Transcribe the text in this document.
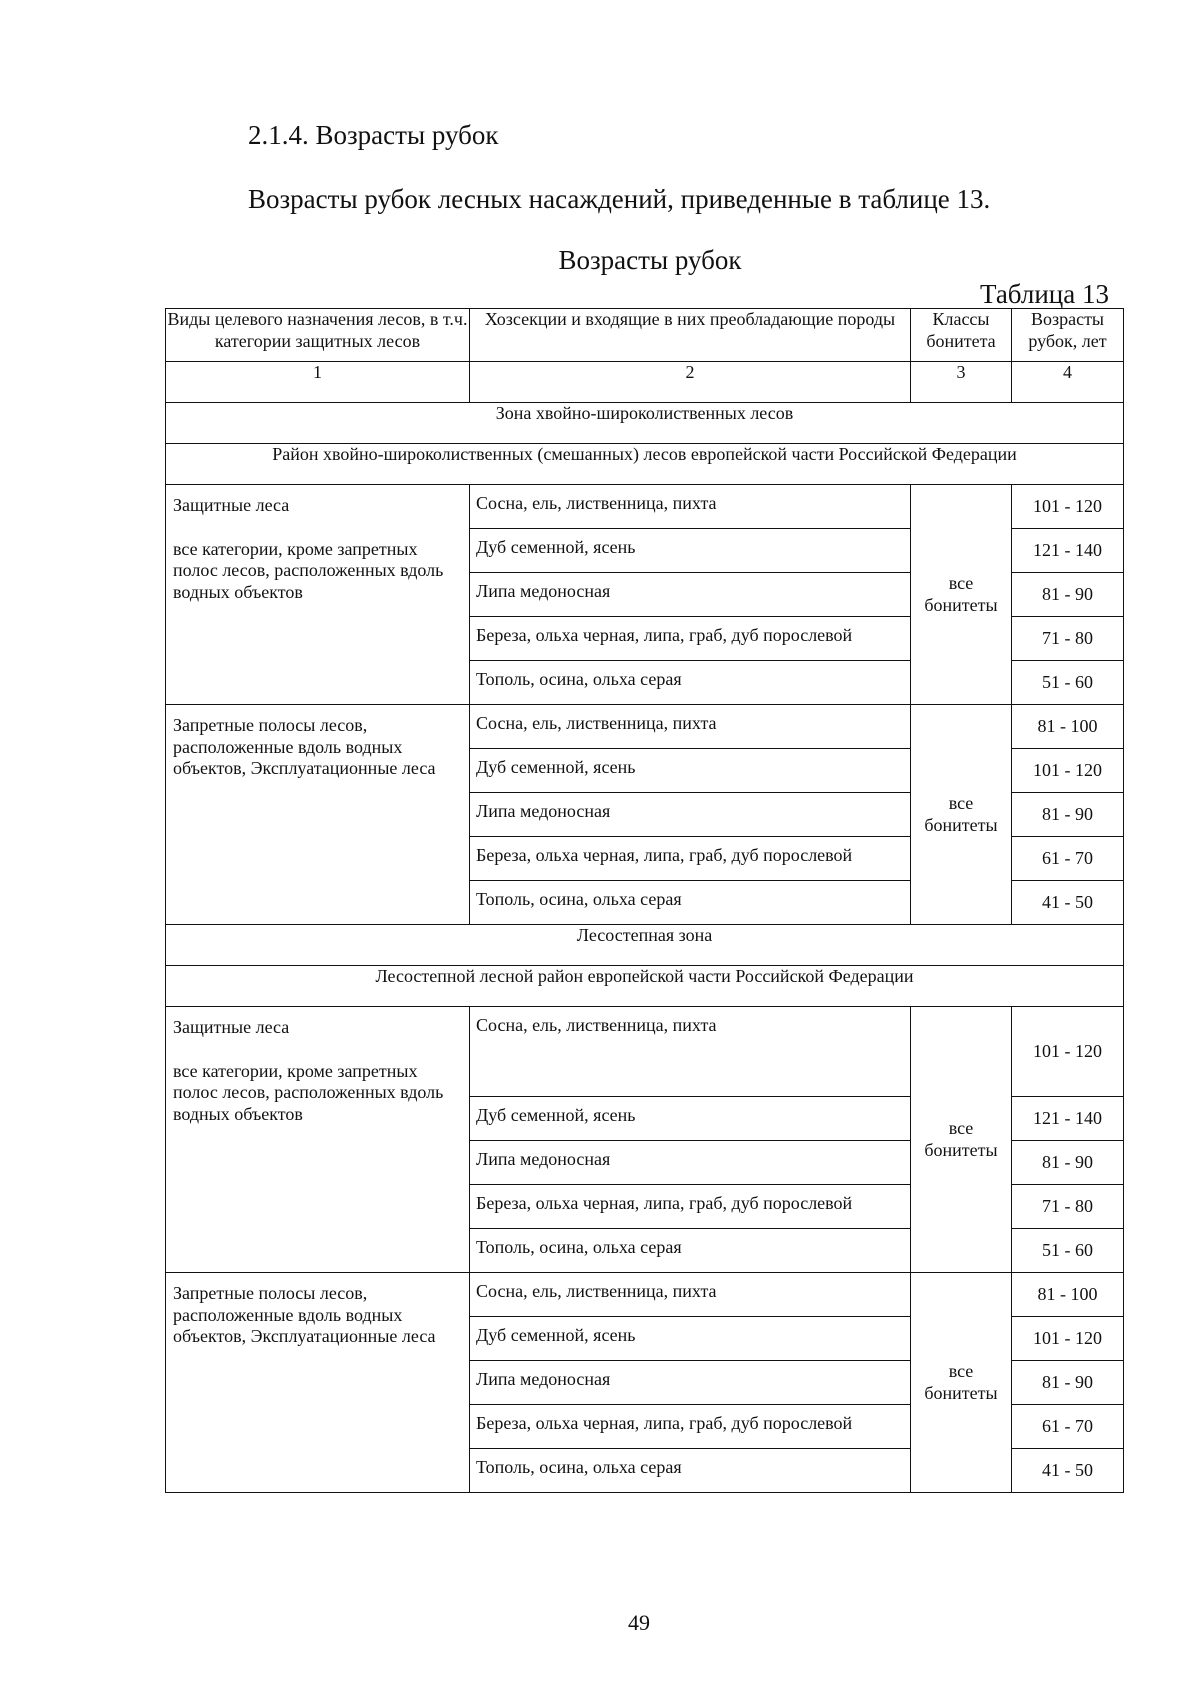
2.1.4. Возрасты рубок

Возрасты рубок лесных насаждений, приведенные в таблице 13.

Возрасты рубок
Таблица 13
Виды целевого назначения лесов, в т.ч. категории защитных лесов	Хозсекции и входящие в них преобладающие породы	Классы бонитета	Возрасты рубок, лет
1	2	3	4
Зона хвойно-широколиственных лесов			
Район хвойно-широколиственных (смешанных) лесов европейской части Российской Федерации			

Защитные леса
все категории, кроме запретных полос лесов, расположенных вдоль водных объектов	Сосна, ель, лиственница, пихта	все бонитеты	101 - 120
	Дуб семенной, ясень		121 - 140
	Липа медоносная		81 - 90
	Береза, ольха черная, липа, граб, дуб порослевой		71 - 80
	Тополь, осина, ольха серая		51 - 60

Запретные полосы лесов, расположенные вдоль водных объектов, Эксплуатационные леса	Сосна, ель, лиственница, пихта	все бонитеты	81 - 100
	Дуб семенной, ясень		101 - 120
	Липа медоносная		81 - 90
	Береза, ольха черная, липа, граб, дуб порослевой		61 - 70
	Тополь, осина, ольха серая		41 - 50
Лесостепная зона			
Лесостепной лесной район европейской части Российской Федерации			

Защитные леса
все категории, кроме запретных полос лесов, расположенных вдоль водных объектов	Сосна, ель, лиственница, пихта	все бонитеты	101 - 120
	Дуб семенной, ясень		121 - 140
	Липа медоносная		81 - 90
	Береза, ольха черная, липа, граб, дуб порослевой		71 - 80
	Тополь, осина, ольха серая		51 - 60

Запретные полосы лесов, расположенные вдоль водных объектов, Эксплуатационные леса	Сосна, ель, лиственница, пихта	все бонитеты	81 - 100
	Дуб семенной, ясень		101 - 120
	Липа медоносная		81 - 90
	Береза, ольха черная, липа, граб, дуб порослевой		61 - 70
	Тополь, осина, ольха серая		41 - 50
49
